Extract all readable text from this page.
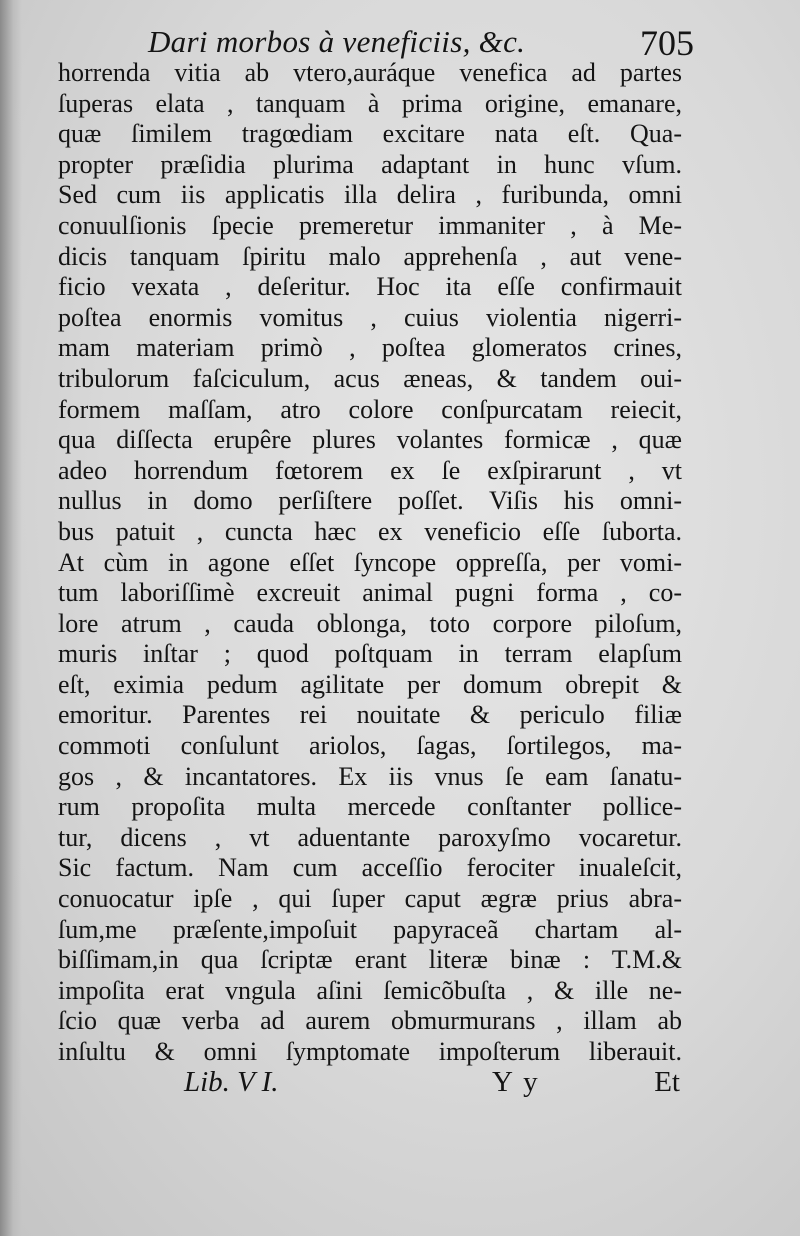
Dari morbos à veneficiis, &c.	705
horrenda vitia ab vtero,auráque venefica ad partes
ſuperas elata , tanquam à prima origine, emanare,
quæ ſimilem tragœdiam excitare nata eſt. Qua-
propter præſidia plurima adaptant in hunc vſum.
Sed cum iis applicatis illa delira , furibunda, omni
conuulſionis ſpecie premeretur immaniter , à Me-
dicis tanquam ſpiritu malo apprehenſa , aut vene-
ficio vexata , deſeritur. Hoc ita eſſe confirmauit
poſtea enormis vomitus , cuius violentia nigerri-
mam materiam primò , poſtea glomeratos crines,
tribulorum faſciculum, acus æneas, & tandem oui-
formem maſſam, atro colore conſpurcatam reiecit,
qua diſſecta erupêre plures volantes formicæ , quæ
adeo horrendum fœtorem ex ſe exſpirarunt , vt
nullus in domo perſiſtere poſſet. Viſis his omni-
bus patuit , cuncta hæc ex veneficio eſſe ſuborta.
At cùm in agone eſſet ſyncope oppreſſa, per vomi-
tum laboriſſimè excreuit animal pugni forma , co-
lore atrum , cauda oblonga, toto corpore piloſum,
muris inſtar ; quod poſtquam in terram elapſum
eſt, eximia pedum agilitate per domum obrepit &
emoritur. Parentes rei nouitate & periculo filiæ
commoti conſulunt ariolos, ſagas, ſortilegos, ma-
gos , & incantatores. Ex iis vnus ſe eam ſanatu-
rum propoſita multa mercede conſtanter pollice-
tur, dicens , vt aduentante paroxyſmo vocaretur.
Sic factum. Nam cum acceſſio ferociter inualeſcit,
conuocatur ipſe , qui ſuper caput ægræ prius abra-
ſum,me præſente,impoſuit papyraceã chartam al-
biſſimam,in qua ſcriptæ erant literæ binæ : T.M.&
impoſita erat vngula aſini ſemicõbuſta , & ille ne-
ſcio quæ verba ad aurem obmurmurans , illam ab
inſultu & omni ſymptomate impoſterum liberauit.
Lib. V I.	Y y	Et
